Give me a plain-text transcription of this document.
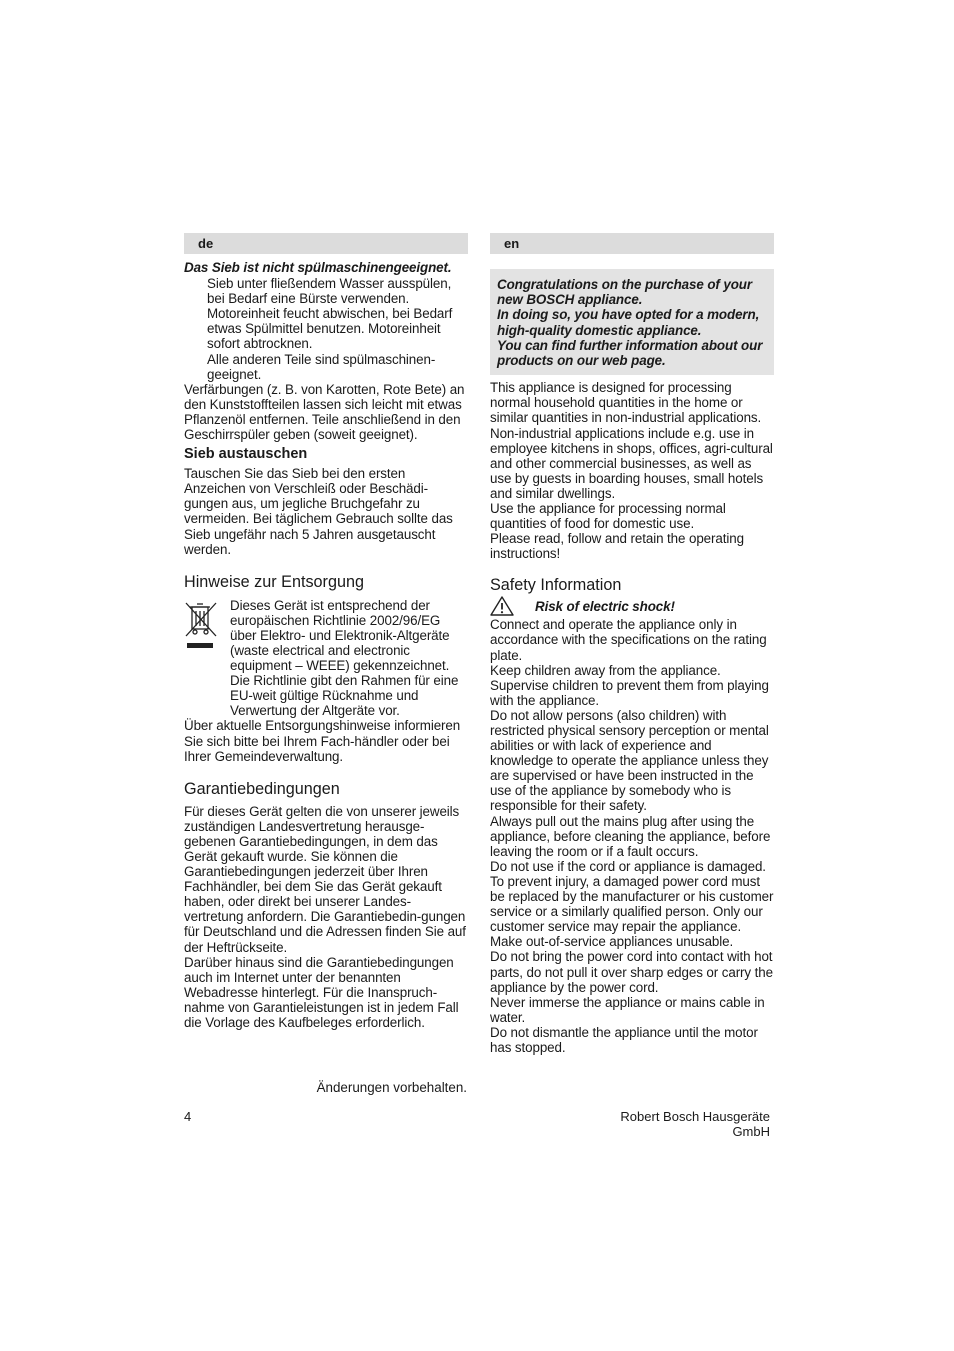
de

Das Sieb ist nicht spülmaschinengeeignet.

Sieb unter fließendem Wasser ausspülen, bei Bedarf eine Bürste verwenden. Motoreinheit feucht abwischen, bei Bedarf etwas Spülmittel benutzen. Motoreinheit sofort abtrocknen.

Alle anderen Teile sind spülmaschinen-geeignet.

Verfärbungen (z. B. von Karotten, Rote Bete) an den Kunststoffteilen lassen sich leicht mit etwas Pflanzenöl entfernen. Teile anschließend in den Geschirrspüler geben (soweit geeignet).

Sieb austauschen

Tauschen Sie das Sieb bei den ersten Anzeichen von Verschleiß oder Beschädi-gungen aus, um jegliche Bruchgefahr zu vermeiden. Bei täglichem Gebrauch sollte das Sieb ungefähr nach 5 Jahren ausgetauscht werden.

Hinweise zur Entsorgung

Dieses Gerät ist entsprechend der europäischen Richtlinie 2002/96/EG über Elektro- und Elektronik-Altgeräte (waste electrical and electronic equipment – WEEE) gekennzeichnet. Die Richtlinie gibt den Rahmen für eine EU-weit gültige Rücknahme und Verwertung der Altgeräte vor.

Über aktuelle Entsorgungshinweise informieren Sie sich bitte bei Ihrem Fach-händler oder bei Ihrer Gemeindeverwaltung.

Garantiebedingungen

Für dieses Gerät gelten die von unserer jeweils zuständigen Landesvertretung herausge-gebenen Garantiebedingungen, in dem das Gerät gekauft wurde. Sie können die Garantiebedingungen jederzeit über Ihren Fachhändler, bei dem Sie das Gerät gekauft haben, oder direkt bei unserer Landes-vertretung anfordern. Die Garantiebedin-gungen für Deutschland und die Adressen finden Sie auf der Heftrückseite.

Darüber hinaus sind die Garantiebedingungen auch im Internet unter der benannten Webadresse hinterlegt. Für die Inanspruch-nahme von Garantieleistungen ist in jedem Fall die Vorlage des Kaufbeleges erforderlich.

Änderungen vorbehalten.
en

Congratulations on the purchase of your new BOSCH appliance.

In doing so, you have opted for a modern, high-quality domestic appliance.

You can find further information about our products on our web page.

This appliance is designed for processing normal household quantities in the home or similar quantities in non-industrial applications. Non-industrial applications include e.g. use in employee kitchens in shops, offices, agri-cultural and other commercial businesses, as well as use by guests in boarding houses, small hotels and similar dwellings.

Use the appliance for processing normal quantities of food for domestic use.

Please read, follow and retain the operating instructions!

Safety Information
Risk of electric shock!

Connect and operate the appliance only in accordance with the specifications on the rating plate.

Keep children away from the appliance. Supervise children to prevent them from playing with the appliance.

Do not allow persons (also children) with restricted physical sensory perception or mental abilities or with lack of experience and knowledge to operate the appliance unless they are supervised or have been instructed in the use of the appliance by somebody who is responsible for their safety.

Always pull out the mains plug after using the appliance, before cleaning the appliance, before leaving the room or if a fault occurs.

Do not use if the cord or appliance is damaged.

To prevent injury, a damaged power cord must be replaced by the manufacturer or his customer service or a similarly qualified person. Only our customer service may repair the appliance. Make out-of-service appliances unusable.

Do not bring the power cord into contact with hot parts, do not pull it over sharp edges or carry the appliance by the power cord.

Never immerse the appliance or mains cable in water.

Do not dismantle the appliance until the motor has stopped.

4	Robert Bosch Hausgeräte GmbH
